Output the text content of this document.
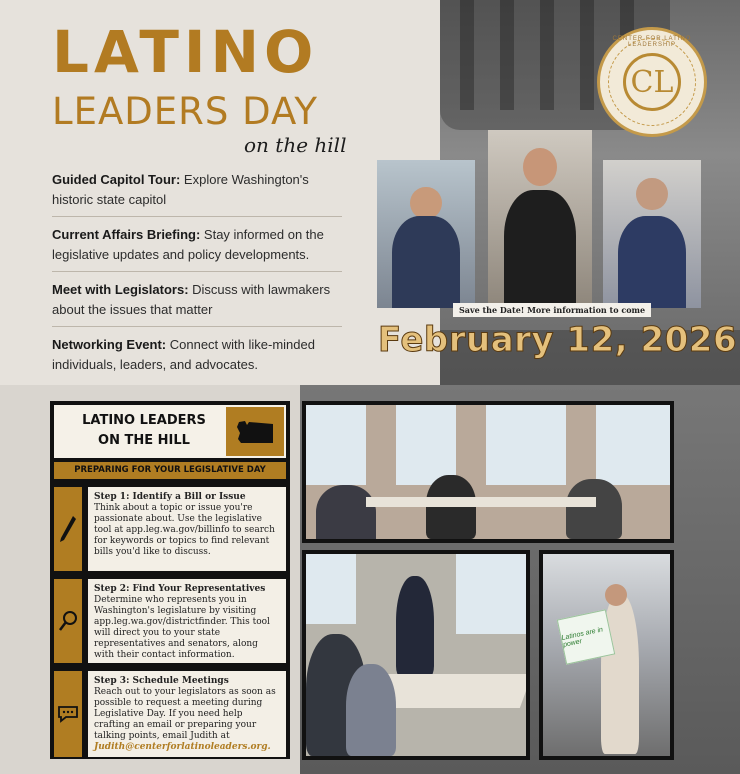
LATINO
LEADERS DAY
on the hill
Guided Capitol Tour: Explore Washington's historic state capitol
Current Affairs Briefing: Stay informed on the legislative updates and policy developments.
Meet with Legislators: Discuss with lawmakers about the issues that matter
Networking Event: Connect with like-minded individuals, leaders, and advocates.
CENTER FOR LATINO LEADERSHIP
CL
Save the Date! More information to come
February 12, 2026
LATINO LEADERS
ON THE HILL
PREPARING FOR YOUR LEGISLATIVE DAY
Step 1: Identify a Bill or Issue
Think about a topic or issue you're passionate about. Use the legislative tool at app.leg.wa.gov/billinfo to search for keywords or topics to find relevant bills you'd like to discuss.
Step 2: Find Your Representatives
Determine who represents you in Washington's legislature by visiting app.leg.wa.gov/districtfinder. This tool will direct you to your state representatives and senators, along with their contact information.
Step 3: Schedule Meetings
Reach out to your legislators as soon as possible to request a meeting during Legislative Day. If you need help crafting an email or preparing your talking points, email Judith at Judith@centerforlatinoleaders.org.
Latinos are in power
